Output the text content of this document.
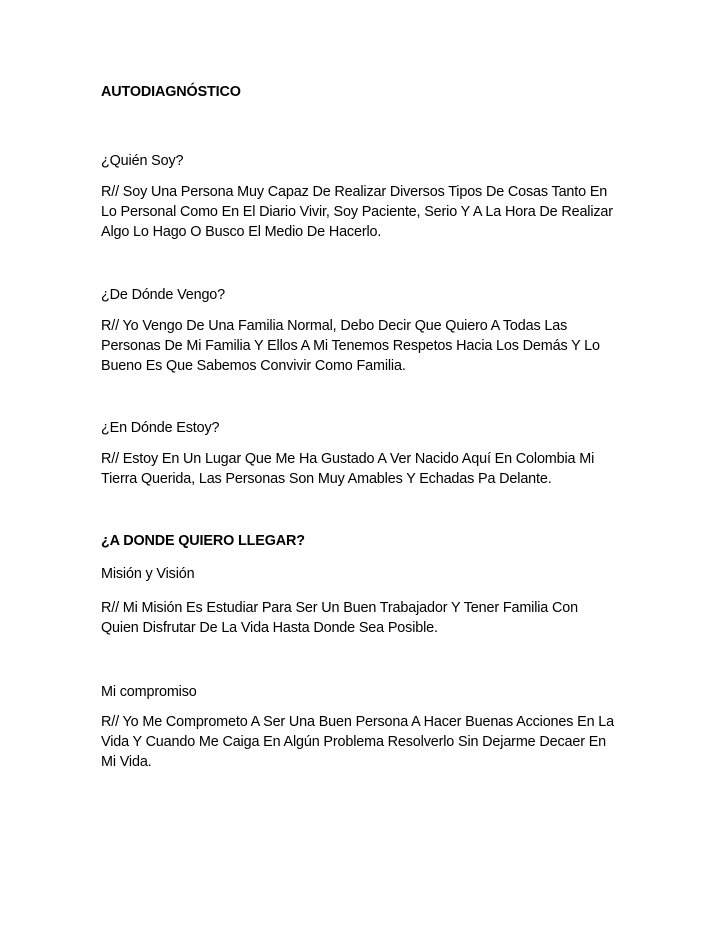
AUTODIAGNÓSTICO
¿Quién Soy?
R// Soy Una Persona Muy Capaz De Realizar Diversos Tipos De Cosas Tanto En
Lo Personal Como En El Diario Vivir, Soy Paciente, Serio Y A La Hora De Realizar
Algo Lo Hago O Busco El Medio De Hacerlo.
¿De Dónde Vengo?
R// Yo Vengo De Una Familia Normal, Debo Decir Que Quiero A Todas Las
Personas De Mi Familia Y Ellos A Mi Tenemos Respetos Hacia Los Demás Y Lo
Bueno Es Que Sabemos Convivir Como Familia.
¿En Dónde Estoy?
R// Estoy En Un Lugar Que Me Ha Gustado A Ver Nacido Aquí En Colombia Mi
Tierra Querida, Las Personas Son Muy Amables Y Echadas Pa Delante.
¿A DONDE QUIERO LLEGAR?
Misión y Visión
R// Mi Misión Es Estudiar Para Ser Un Buen Trabajador Y Tener Familia Con
Quien Disfrutar De La Vida Hasta Donde Sea Posible.
Mi compromiso
R// Yo Me Comprometo A Ser Una Buen Persona A Hacer Buenas Acciones En La
Vida Y Cuando Me Caiga En Algún Problema Resolverlo Sin Dejarme Decaer En
Mi Vida.
